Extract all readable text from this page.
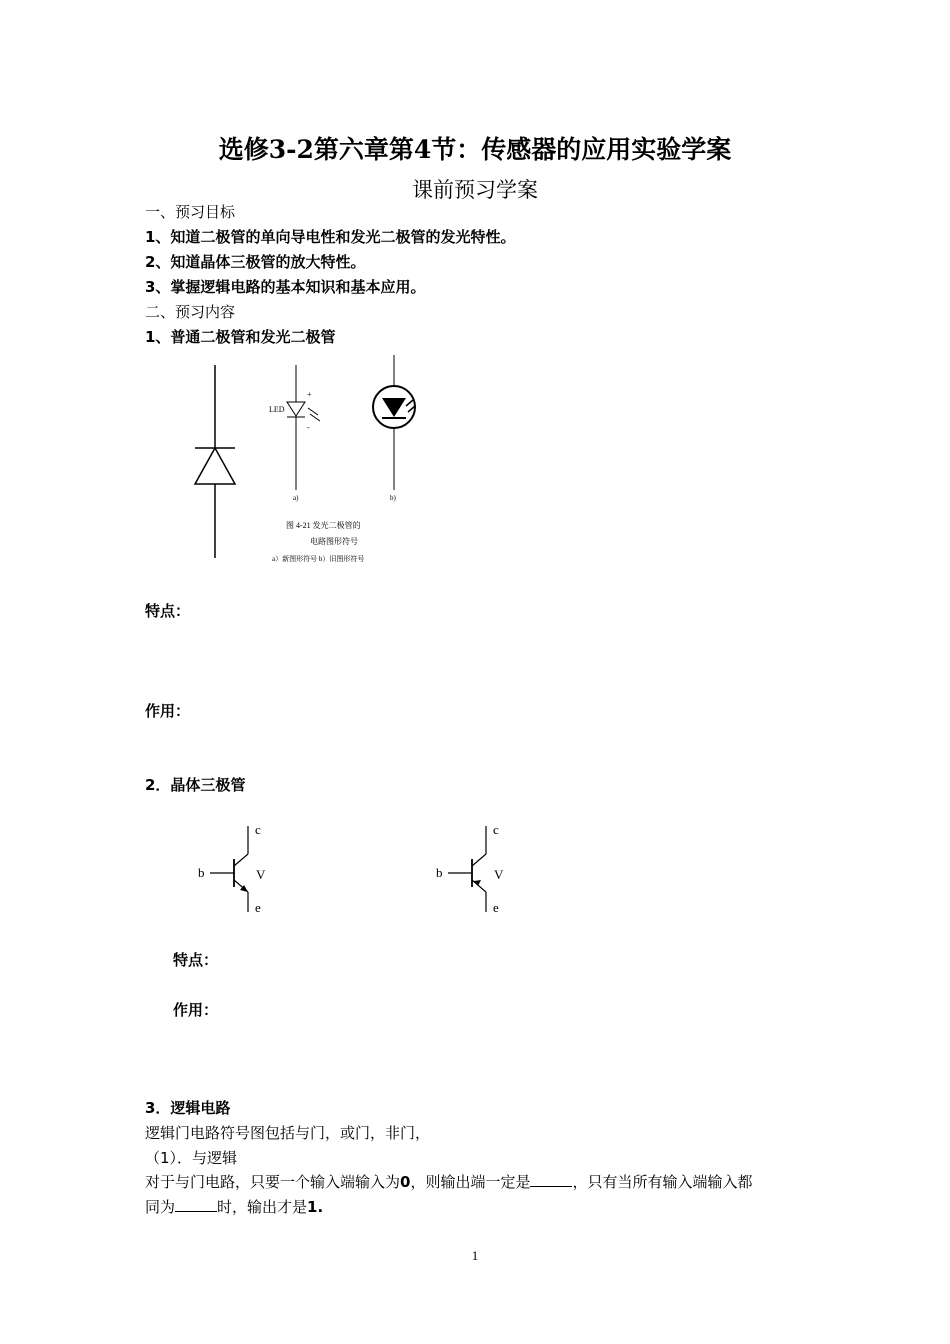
选修3-2第六章第4节：传感器的应用实验学案
课前预习学案
一、预习目标
1、知道二极管的单向导电性和发光二极管的发光特性。
2、知道晶体三极管的放大特性。
3、掌握逻辑电路的基本知识和基本应用。
二、预习内容
1、普通二极管和发光二极管
LED
+
-
a)	b)
图 4-21 发光二极管的
电路图形符号
a）新图形符号 b）旧图形符号
特点：
作用：
2．晶体三极管
b
c
e
V	b
c
e
V
特点：
作用：
3．逻辑电路
逻辑门电路符号图包括与门，或门，非门，
（1）．与逻辑
对于与门电路，只要一个输入端输入为0，则输出端一定是	，只有当所有输入端输入都
同为	时，输出才是1.
1
